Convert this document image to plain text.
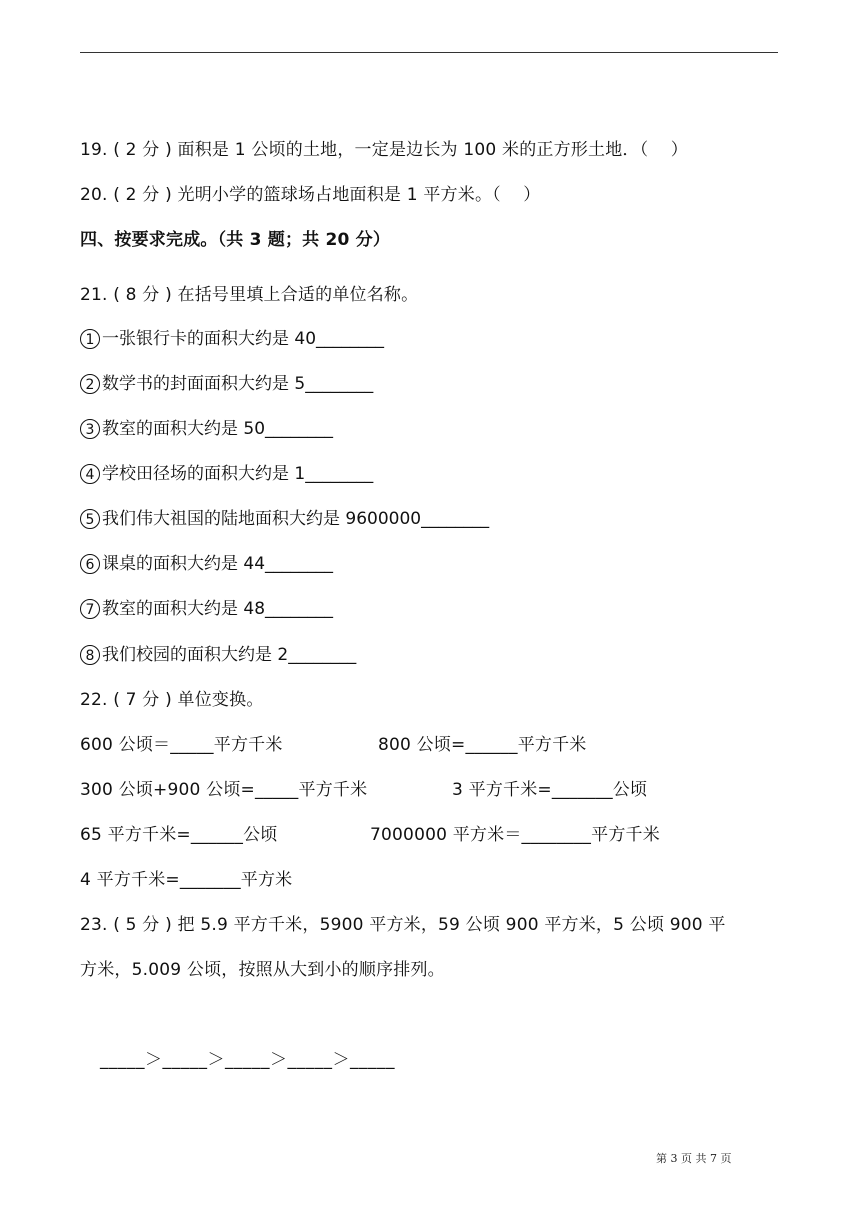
19. ( 2 分 ) 面积是 1 公顷的土地，一定是边长为 100 米的正方形土地．（    ）
20. ( 2 分 ) 光明小学的篮球场占地面积是 1 平方米。（    ）
四、按要求完成。（共 3 题；共 20 分）
21. ( 8 分 ) 在括号里填上合适的单位名称。
1 一张银行卡的面积大约是 40________
2 数学书的封面面积大约是 5________
3 教室的面积大约是 50________
4 学校田径场的面积大约是 1________
5 我们伟大祖国的陆地面积大约是 9600000________
6 课桌的面积大约是 44________
7 教室的面积大约是 48________
8 我们校园的面积大约是 2________
22. ( 7 分 ) 单位变换。
600 公顷＝_____平方千米	800 公顷=______平方千米
300 公顷+900 公顷=_____平方千米	3 平方千米=_______公顷
65 平方千米=______公顷	7000000 平方米＝________平方千米
4 平方千米=_______平方米
23. ( 5 分 ) 把 5.9 平方千米，5900 平方米，59 公顷 900 平方米，5 公顷 900 平
方米，5.009 公顷，按照从大到小的顺序排列。
_____＞_____＞_____＞_____＞_____
第 3 页 共 7 页
